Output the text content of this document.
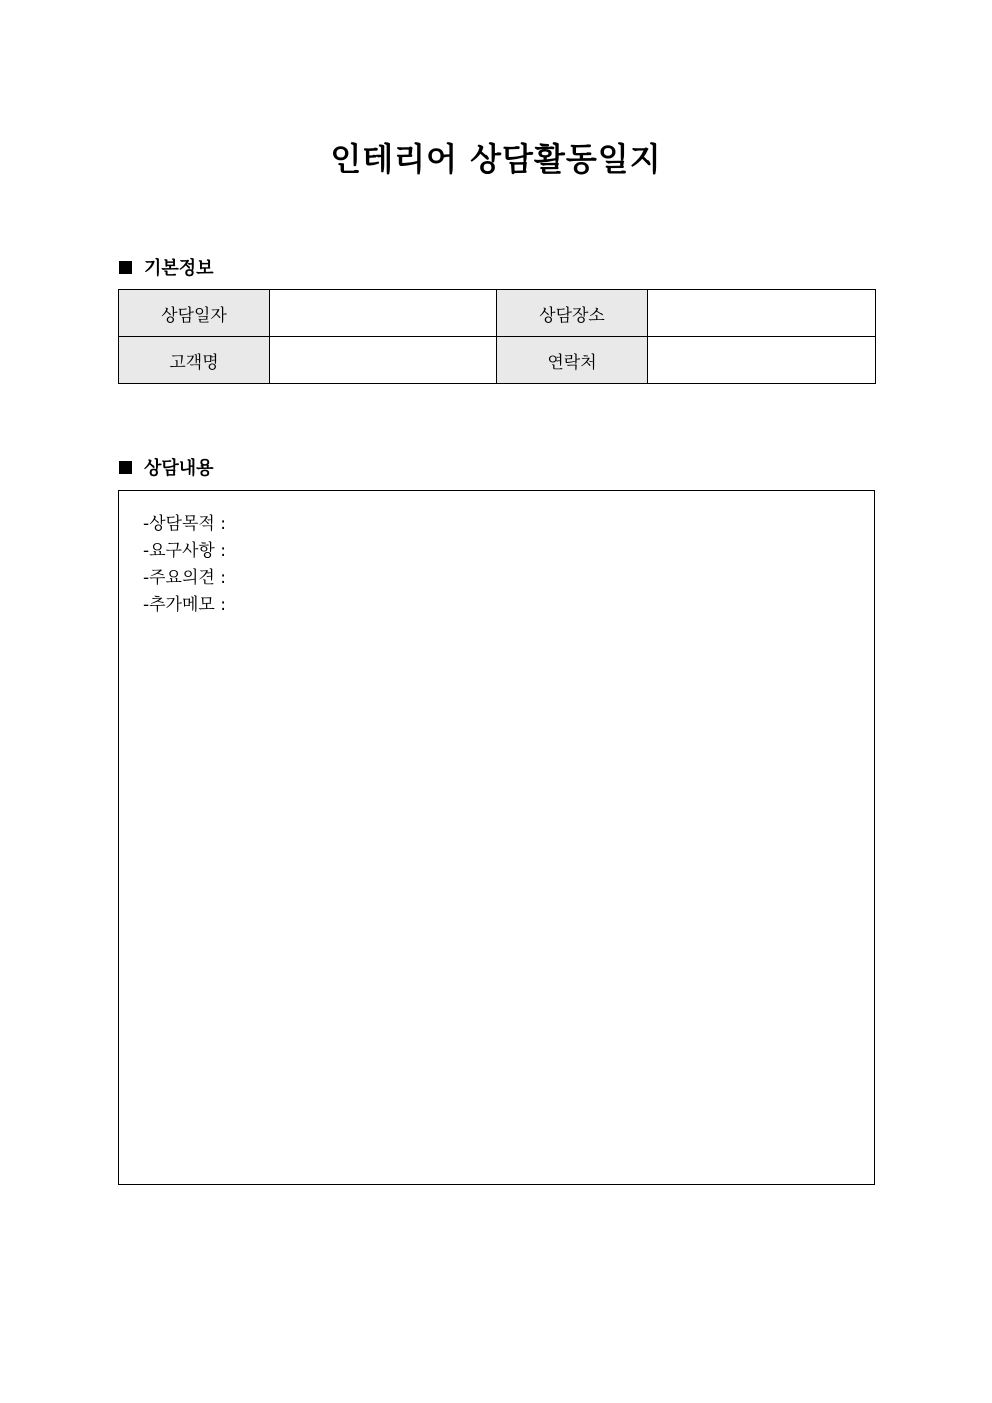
인테리어 상담활동일지
기본정보
상담일자		상담장소	
고객명		연락처	
상담내용
-상담목적 :
-요구사항 :
-주요의견 :
-추가메모 :
